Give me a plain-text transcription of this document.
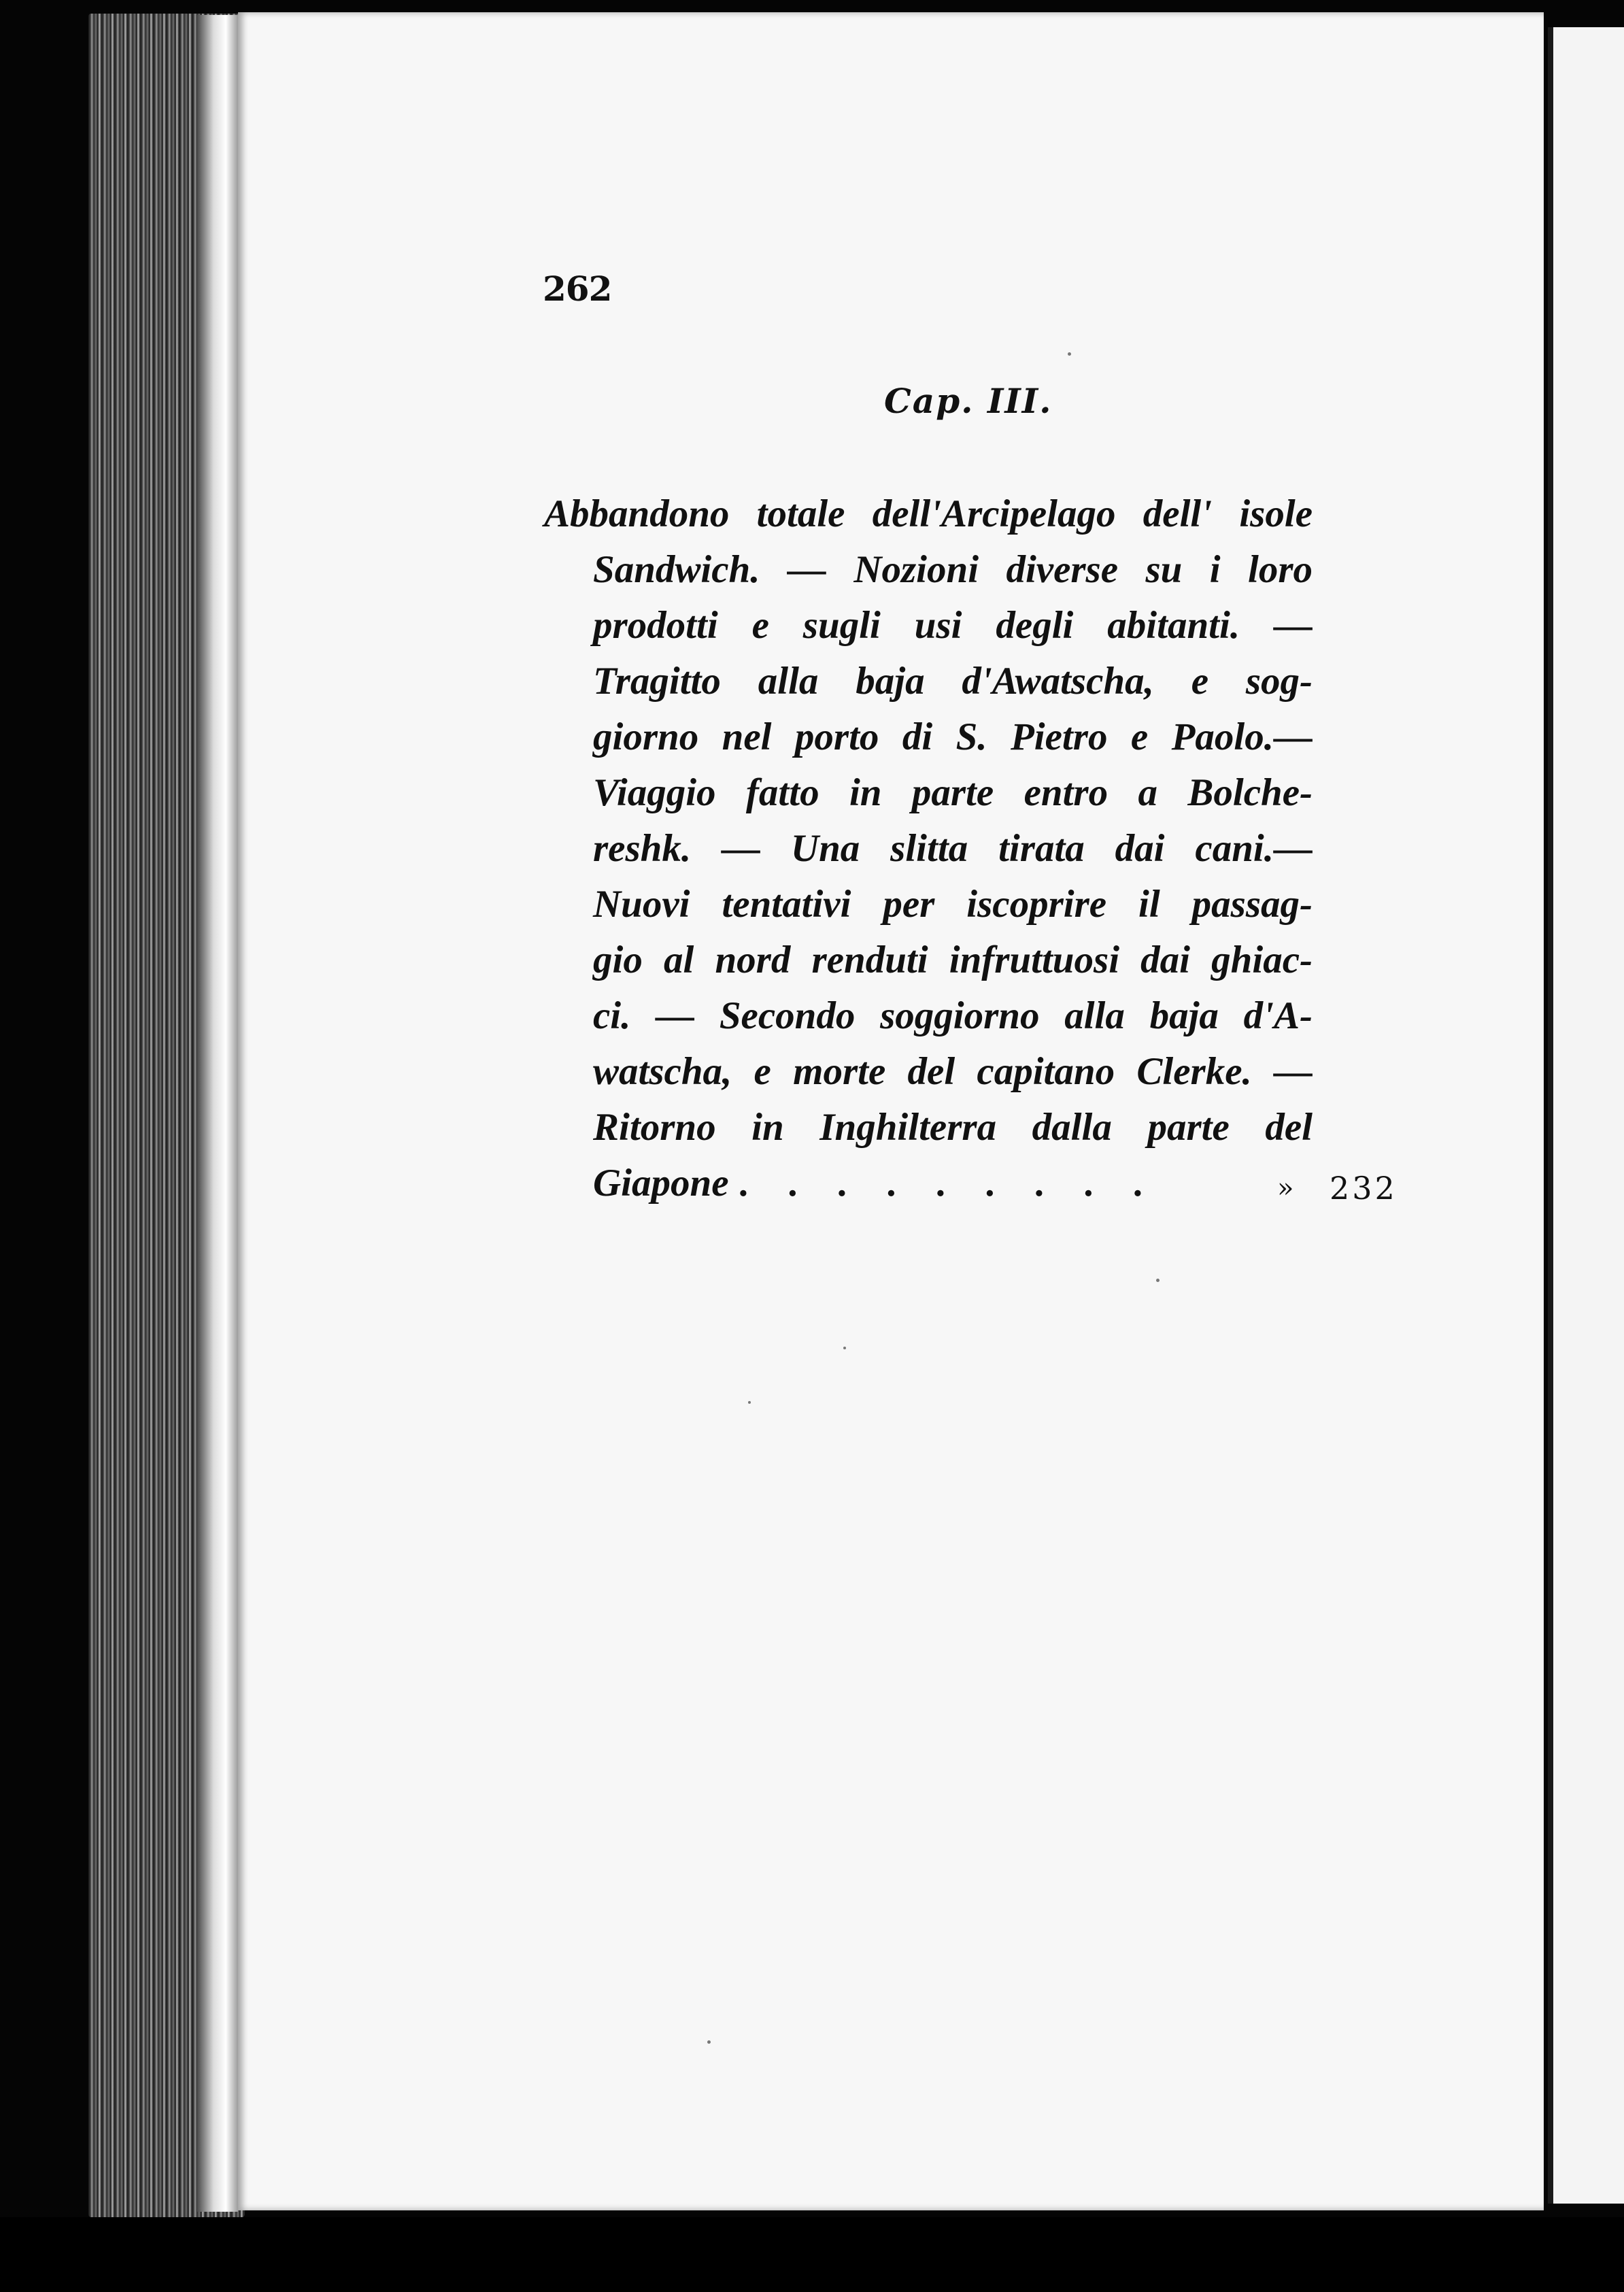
262
Cap. III.
Abbandono totale dell'Arcipelago dell' isole
Sandwich. — Nozioni diverse su i loro
prodotti e sugli usi degli abitanti. —
Tragitto alla baja d'Awatscha, e sog-
giorno nel porto di S. Pietro e Paolo.—
Viaggio fatto in parte entro a Bolche-
reshk. — Una slitta tirata dai cani.—
Nuovi tentativi per iscoprire il passag-
gio al nord renduti infruttuosi dai ghiac-
ci. — Secondo soggiorno alla baja d'A-
watscha, e morte del capitano Clerke. —
Ritorno in Inghilterra dalla parte del
Giapone . . . . . . . . .	» 232
